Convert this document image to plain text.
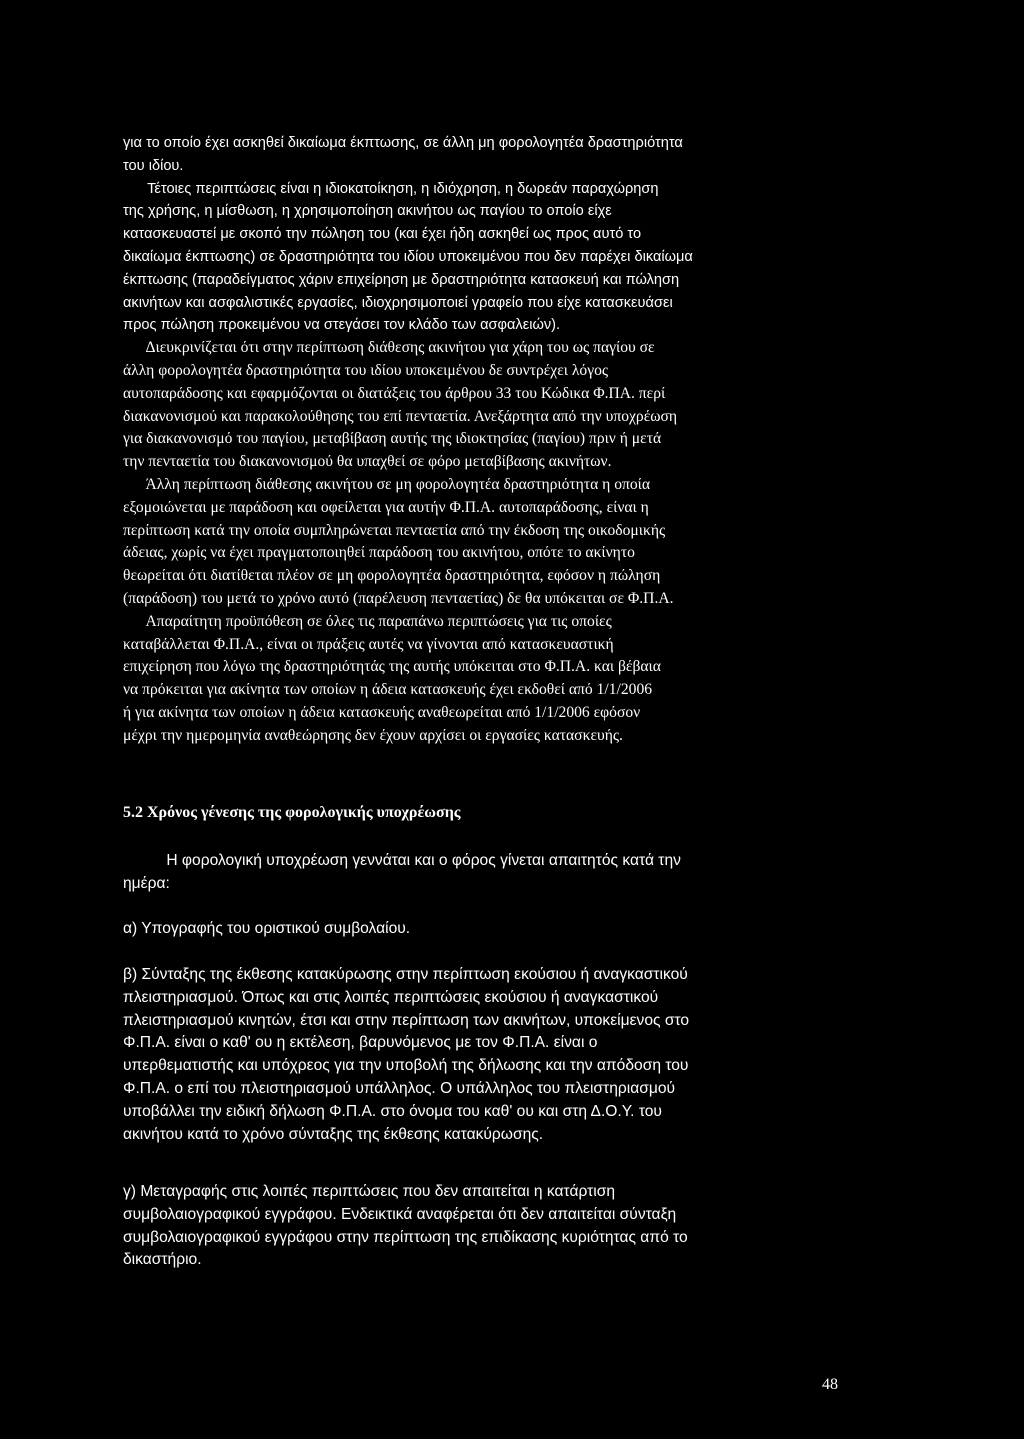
για το οποίο έχει ασκηθεί δικαίωμα έκπτωσης, σε άλλη μη φορολογητέα δραστηριότητα
του ιδίου.
Τέτοιες περιπτώσεις είναι η ιδιοκατοίκηση, η ιδιόχρηση, η δωρεάν παραχώρηση
της χρήσης, η μίσθωση, η χρησιμοποίηση ακινήτου ως παγίου το οποίο είχε
κατασκευαστεί με σκοπό την πώληση του (και έχει ήδη ασκηθεί ως προς αυτό το
δικαίωμα έκπτωσης) σε δραστηριότητα του ιδίου υποκειμένου που δεν παρέχει δικαίωμα
έκπτωσης (παραδείγματος χάριν επιχείρηση με δραστηριότητα κατασκευή και πώληση
ακινήτων και ασφαλιστικές εργασίες, ιδιοχρησιμοποιεί γραφείο που είχε κατασκευάσει
προς πώληση προκειμένου να στεγάσει τον κλάδο των ασφαλειών).
Διευκρινίζεται ότι στην περίπτωση διάθεσης ακινήτου για χάρη του ως παγίου σε
άλλη φορολογητέα δραστηριότητα του ιδίου υποκειμένου δε συντρέχει λόγος
αυτοπαράδοσης και εφαρμόζονται οι διατάξεις του άρθρου 33 του Κώδικα Φ.ΠΑ. περί
διακανονισμού και παρακολούθησης του επί πενταετία. Ανεξάρτητα από την υποχρέωση
για διακανονισμό του παγίου, μεταβίβαση αυτής της ιδιοκτησίας (παγίου) πριν ή μετά
την πενταετία του διακανονισμού θα υπαχθεί σε φόρο μεταβίβασης ακινήτων.
Άλλη περίπτωση διάθεσης ακινήτου σε μη φορολογητέα δραστηριότητα η οποία
εξομοιώνεται με παράδοση και οφείλεται για αυτήν Φ.Π.Α. αυτοπαράδοσης, είναι η
περίπτωση κατά την οποία συμπληρώνεται πενταετία από την έκδοση της οικοδομικής
άδειας, χωρίς να έχει πραγματοποιηθεί παράδοση του ακινήτου, οπότε το ακίνητο
θεωρείται ότι διατίθεται πλέον σε μη φορολογητέα δραστηριότητα, εφόσον η πώληση
(παράδοση) του μετά το χρόνο αυτό (παρέλευση πενταετίας) δε θα υπόκειται σε Φ.Π.Α.
Απαραίτητη προϋπόθεση σε όλες τις παραπάνω περιπτώσεις για τις οποίες
καταβάλλεται Φ.Π.Α., είναι οι πράξεις αυτές να γίνονται από κατασκευαστική
επιχείρηση που λόγω της δραστηριότητάς της αυτής υπόκειται στο Φ.Π.Α. και βέβαια
να πρόκειται για ακίνητα των οποίων η άδεια κατασκευής έχει εκδοθεί από 1/1/2006
ή για ακίνητα των οποίων η άδεια κατασκευής αναθεωρείται από 1/1/2006 εφόσον
μέχρι την ημερομηνία αναθεώρησης δεν έχουν αρχίσει οι εργασίες κατασκευής.
5.2 Χρόνος γένεσης της φορολογικής υποχρέωσης
Η φορολογική υποχρέωση γεννάται και ο φόρος γίνεται απαιτητός κατά την
ημέρα:
α) Υπογραφής του οριστικού συμβολαίου.
β) Σύνταξης της έκθεσης κατακύρωσης στην περίπτωση εκούσιου ή αναγκαστικού
πλειστηριασμού. Όπως και στις λοιπές περιπτώσεις εκούσιου ή αναγκαστικού
πλειστηριασμού κινητών, έτσι και στην περίπτωση των ακινήτων, υποκείμενος στο
Φ.Π.Α. είναι ο καθ' ου η εκτέλεση, βαρυνόμενος με τον Φ.Π.Α. είναι ο
υπερθεματιστής και υπόχρεος για την υποβολή της δήλωσης και την απόδοση του
Φ.Π.Α. ο επί του πλειστηριασμού υπάλληλος. Ο υπάλληλος του πλειστηριασμού
υποβάλλει την ειδική δήλωση Φ.Π.Α. στο όνομα του καθ' ου και στη Δ.Ο.Υ. του
ακινήτου κατά το χρόνο σύνταξης της έκθεσης κατακύρωσης.
γ) Μεταγραφής στις λοιπές περιπτώσεις που δεν απαιτείται η κατάρτιση
συμβολαιογραφικού εγγράφου. Ενδεικτικά αναφέρεται ότι δεν απαιτείται σύνταξη
συμβολαιογραφικού εγγράφου στην περίπτωση της επιδίκασης κυριότητας από το
δικαστήριο.
48
